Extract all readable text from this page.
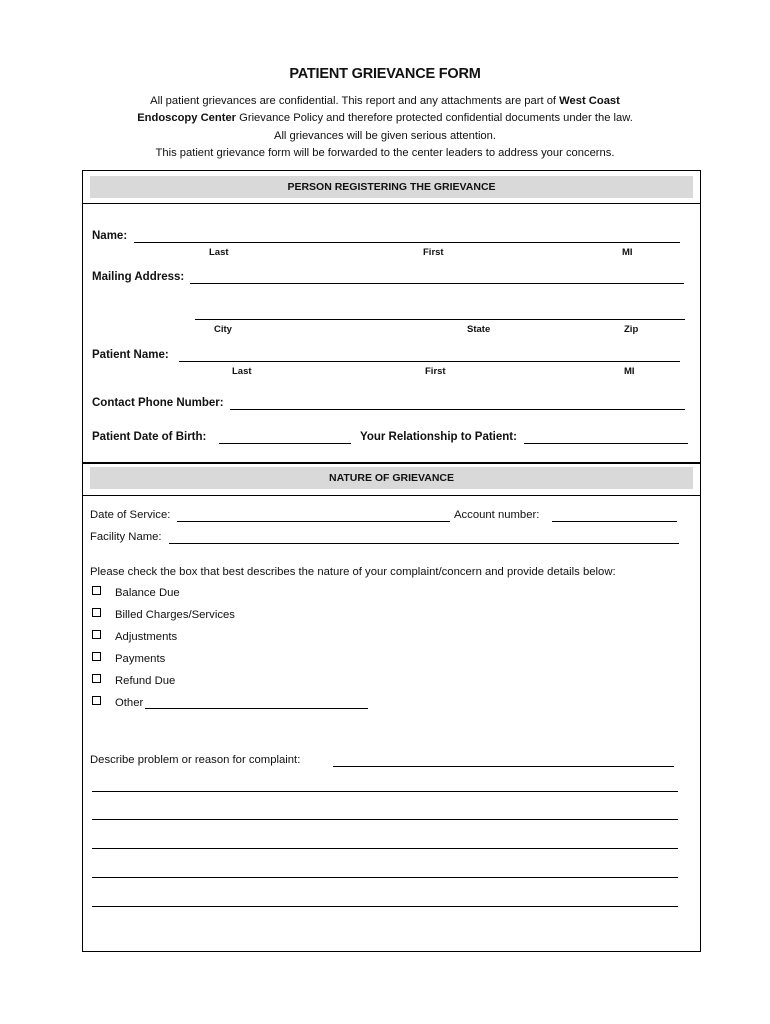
PATIENT GRIEVANCE FORM
All patient grievances are confidential. This report and any attachments are part of West Coast
Endoscopy Center Grievance Policy and therefore protected confidential documents under the law.
All grievances will be given serious attention.
This patient grievance form will be forwarded to the center leaders to address your concerns.
PERSON REGISTERING THE GRIEVANCE
Name:
Last	First	MI
Mailing Address:
City	State	Zip
Patient Name:
Last	First	MI
Contact Phone Number:
Patient Date of Birth:	Your Relationship to Patient:
NATURE OF GRIEVANCE
Date of Service:	Account number:
Facility Name:
Please check the box that best describes the nature of your complaint/concern and provide details below:
Balance Due
Billed Charges/Services
Adjustments
Payments
Refund Due
Other
Describe problem or reason for complaint:
